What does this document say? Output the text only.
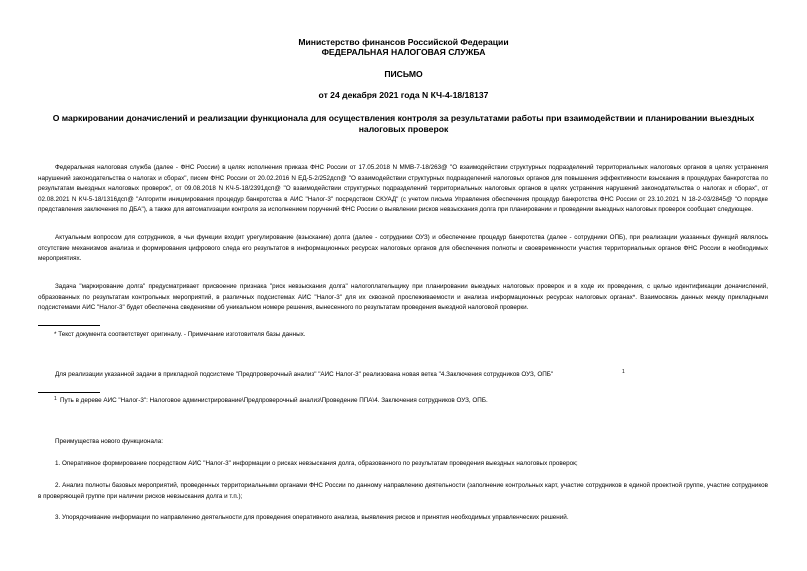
Министерство финансов Российской Федерации
ФЕДЕРАЛЬНАЯ НАЛОГОВАЯ СЛУЖБА
ПИСЬМО
от 24 декабря 2021 года N КЧ-4-18/18137
О маркировании доначислений и реализации функционала для осуществления контроля за результатами работы при взаимодействии и планировании выездных
налоговых проверок
Федеральная налоговая служба (далее - ФНС России) в целях исполнения приказа ФНС России от 17.05.2018 N ММВ-7-18/263@ "О взаимодействии структурных подразделений территориальных налоговых органов в целях устранения нарушений законодательства о налогах и сборах", писем ФНС России от 20.02.2016 N ЕД-5-2/252дсп@ "О взаимодействии структурных подразделений налоговых органов для повышения эффективности взыскания в процедурах банкротства по результатам выездных налоговых проверок", от 09.08.2018 N КЧ-5-18/2391дсп@ "О взаимодействии структурных подразделений территориальных налоговых органов в целях устранения нарушений законодательства о налогах и сборах", от 02.08.2021 N КЧ-5-18/1316дсп@ "Алгоритм инициирования процедур банкротства в АИС "Налог-3" посредством СКУАД" (с учетом письма Управления обеспечения процедур банкротства ФНС России от 23.10.2021 N 18-2-03/2845@ "О порядке представления заключения по ДБА"), а также для автоматизации контроля за исполнением поручений ФНС России о выявлении рисков невзыскания долга при планировании и проведении выездных налоговых проверок сообщает следующее.
Актуальным вопросом для сотрудников, в чьи функции входит урегулирование (взыскание) долга (далее - сотрудники ОУЗ) и обеспечение процедур банкротства (далее - сотрудники ОПБ), при реализации указанных функций являлось отсутствие механизмов анализа и формирования цифрового следа его результатов в информационных ресурсах налоговых органов для обеспечения полноты и своевременности участия территориальных органов ФНС России в необходимых мероприятиях.
Задача "маркирование долга" предусматривает присвоение признака "риск невзыскания долга" налогоплательщику при планировании выездных налоговых проверок и в ходе их проведения, с целью идентификации доначислений, образованных по результатам контрольных мероприятий, в различных подсистемах АИС "Налог-3" для их сквозной прослеживаемости и анализа информационных ресурсах налоговых органах*. Взаимосвязь данных между прикладными подсистемами АИС "Налог-3" будет обеспечена сведениями об уникальном номере решения, вынесенного по результатам проведения выездной налоговой проверки.
* Текст документа соответствует оригиналу. - Примечание изготовителя базы данных.
Для реализации указанной задачи в прикладной подсистеме "Предпроверочный анализ" "АИС Налог-3" реализована новая ветка "4.Заключения сотрудников ОУЗ, ОПБ"	1
1 Путь в дереве АИС "Налог-3": Налоговое администрирование\Предпроверочный анализ\Проведение ППА\4. Заключения сотрудников ОУЗ, ОПБ.
Преимущества нового функционала:
1. Оперативное формирование посредством АИС "Налог-3" информации о рисках невзыскания долга, образованного по результатам проведения выездных налоговых проверок;
2. Анализ полноты базовых мероприятий, проведенных территориальными органами ФНС России по данному направлению деятельности (заполнение контрольных карт, участие сотрудников в единой проектной группе, участие сотрудников в проверяющей группе при наличии рисков невзыскания долга и т.п.);
3. Упорядочивание информации по направлению деятельности для проведения оперативного анализа, выявления рисков и принятия необходимых управленческих решений.
